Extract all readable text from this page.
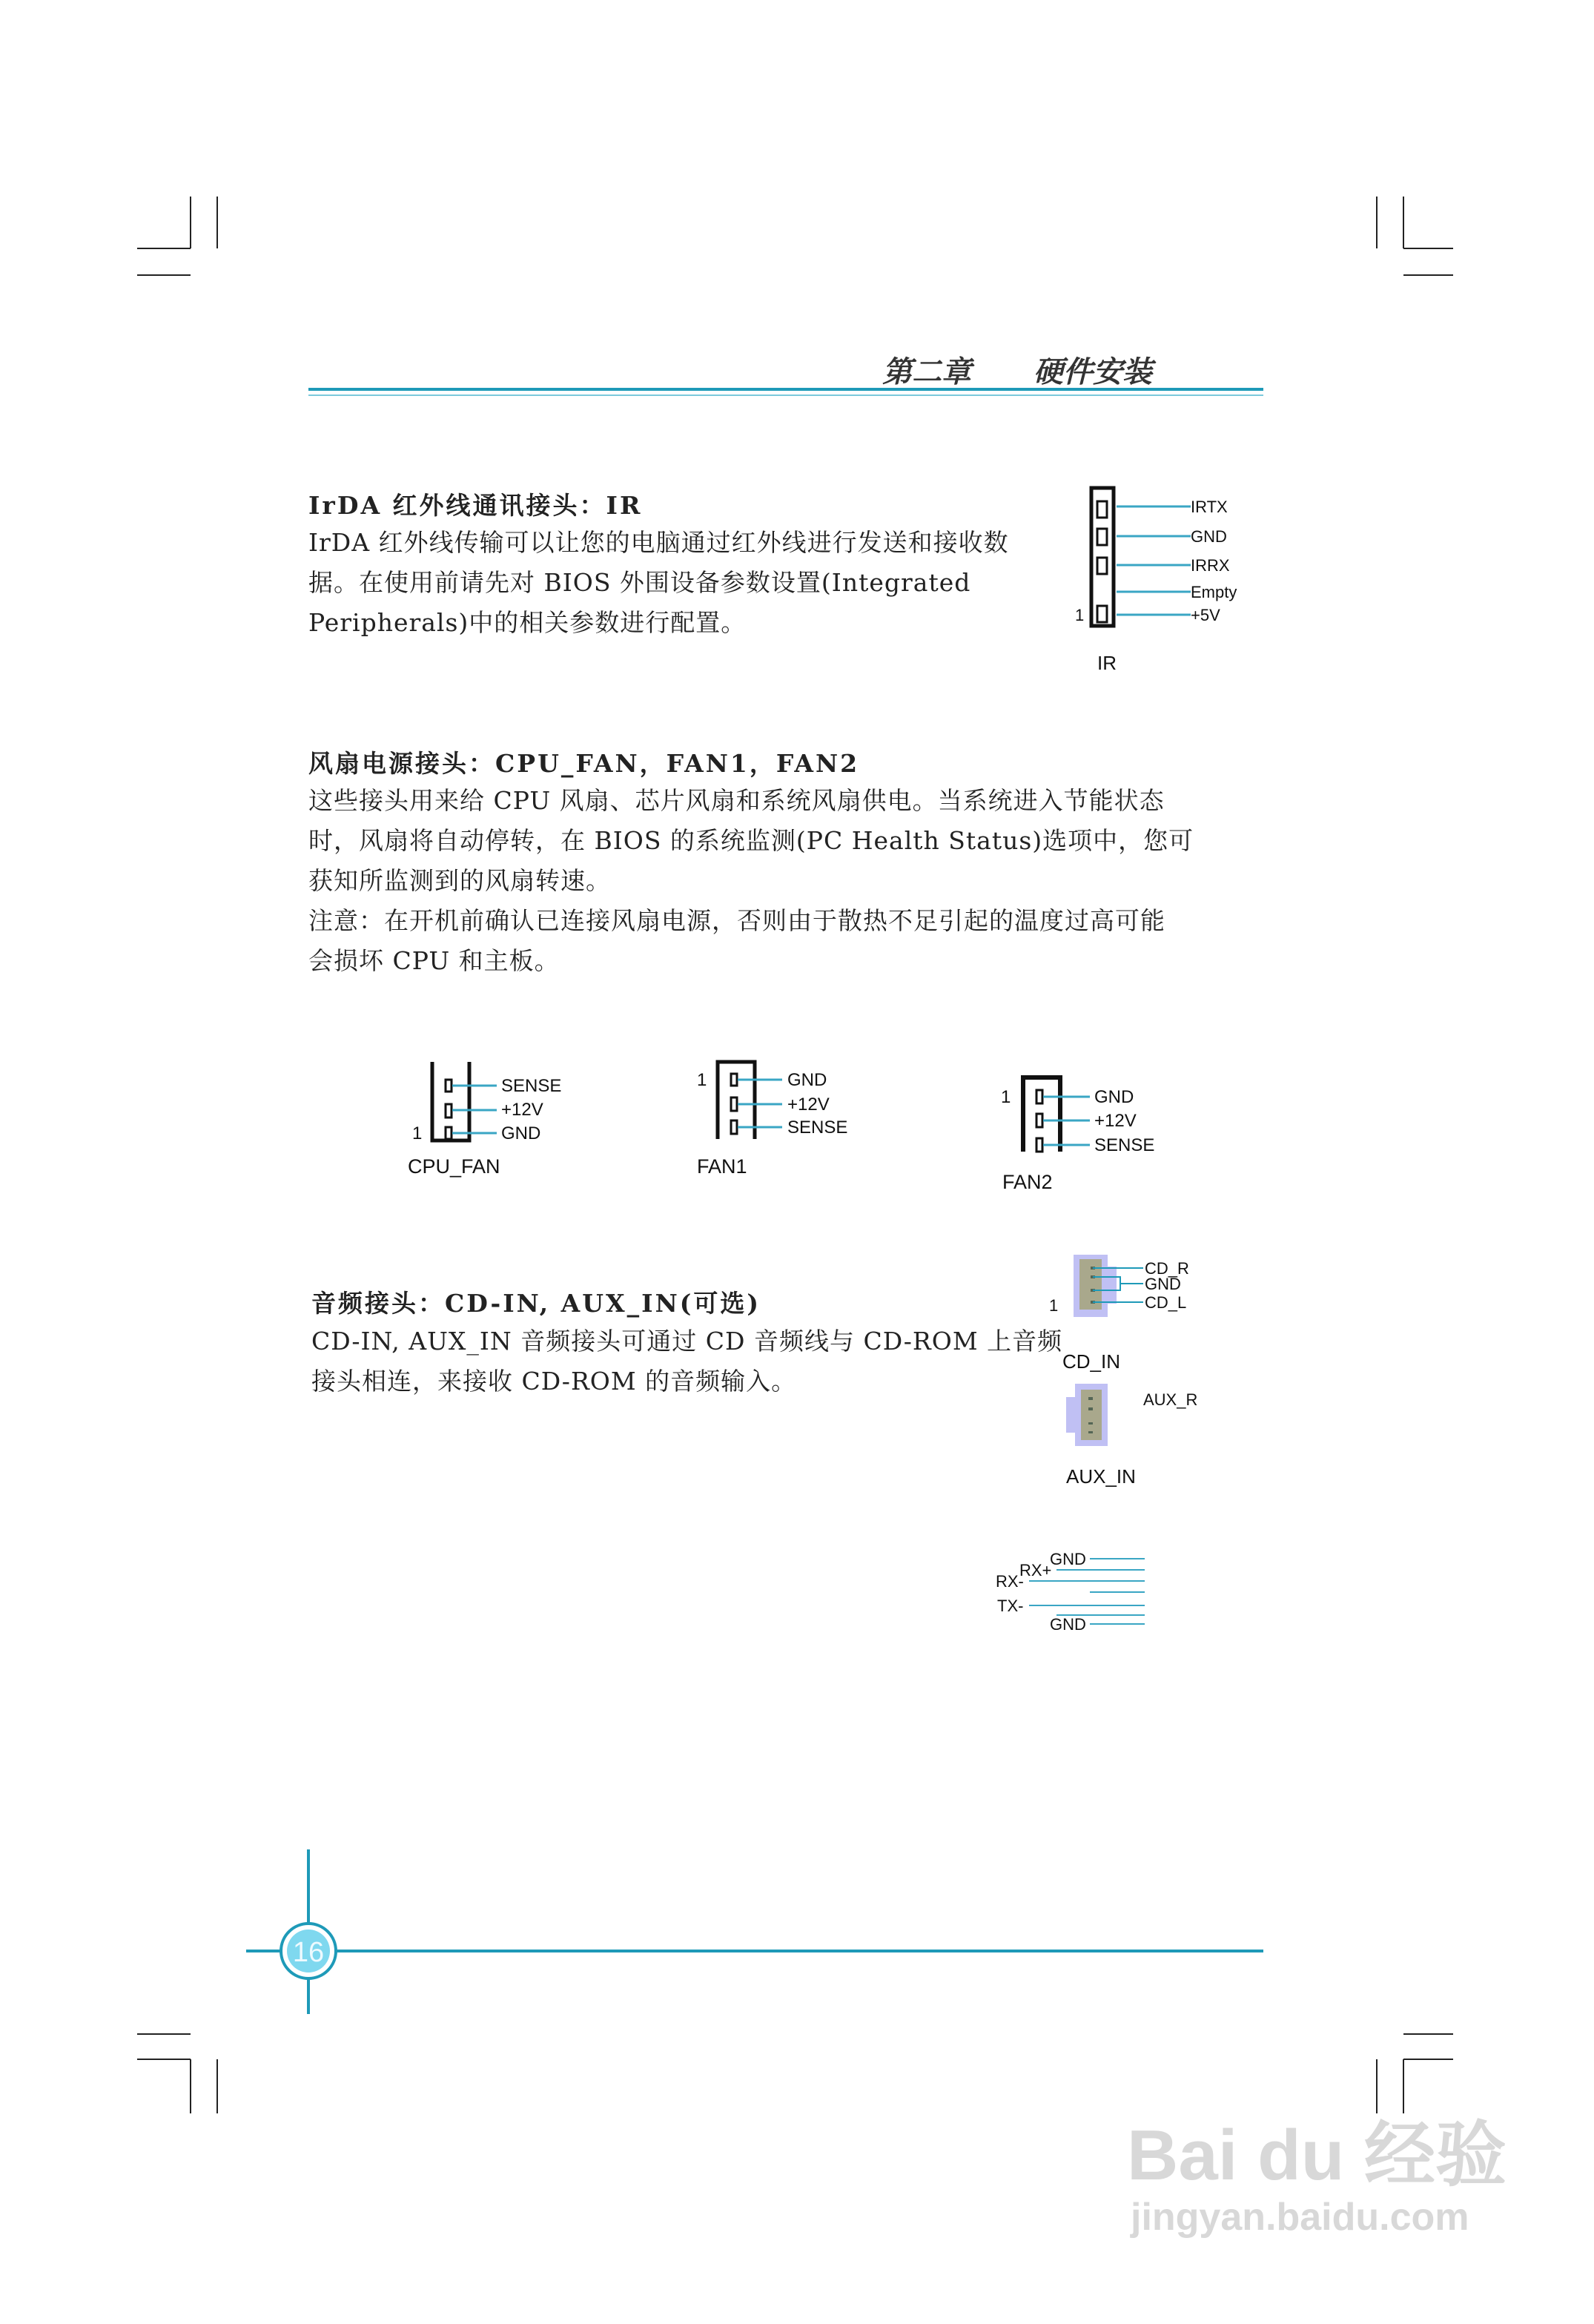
16
第二章 硬件安装
IrDA 红外线通讯接头：IR
IrDA 红外线传输可以让您的电脑通过红外线进行发送和接收数
据。在使用前请先对 BIOS 外围设备参数设置(Integrated
Peripherals)中的相关参数进行配置。
IRTX
GND
IRRX
Empty
+5V
1
IR
风扇电源接头：CPU_FAN，FAN1，FAN2
这些接头用来给 CPU 风扇、芯片风扇和系统风扇供电。当系统进入节能状态
时，风扇将自动停转，在 BIOS 的系统监测(PC Health Status)选项中，您可
获知所监测到的风扇转速。
注意：在开机前确认已连接风扇电源，否则由于散热不足引起的温度过高可能
会损坏 CPU 和主板。
SENSE
+12V
GND
1
CPU_FAN
GND
+12V
SENSE
1
FAN1
GND
+12V
SENSE
1
FAN2
音频接头：CD-IN, AUX_IN(可选)
CD-IN, AUX_IN 音频接头可通过 CD 音频线与 CD-ROM 上音频
接头相连，来接收 CD-ROM 的音频输入。
CD_R
GND
CD_L
1
CD_IN
AUX_R
AUX_IN
GND
RX+
RX-
TX-
GND
Bai du 经验
jingyan.baidu.com
